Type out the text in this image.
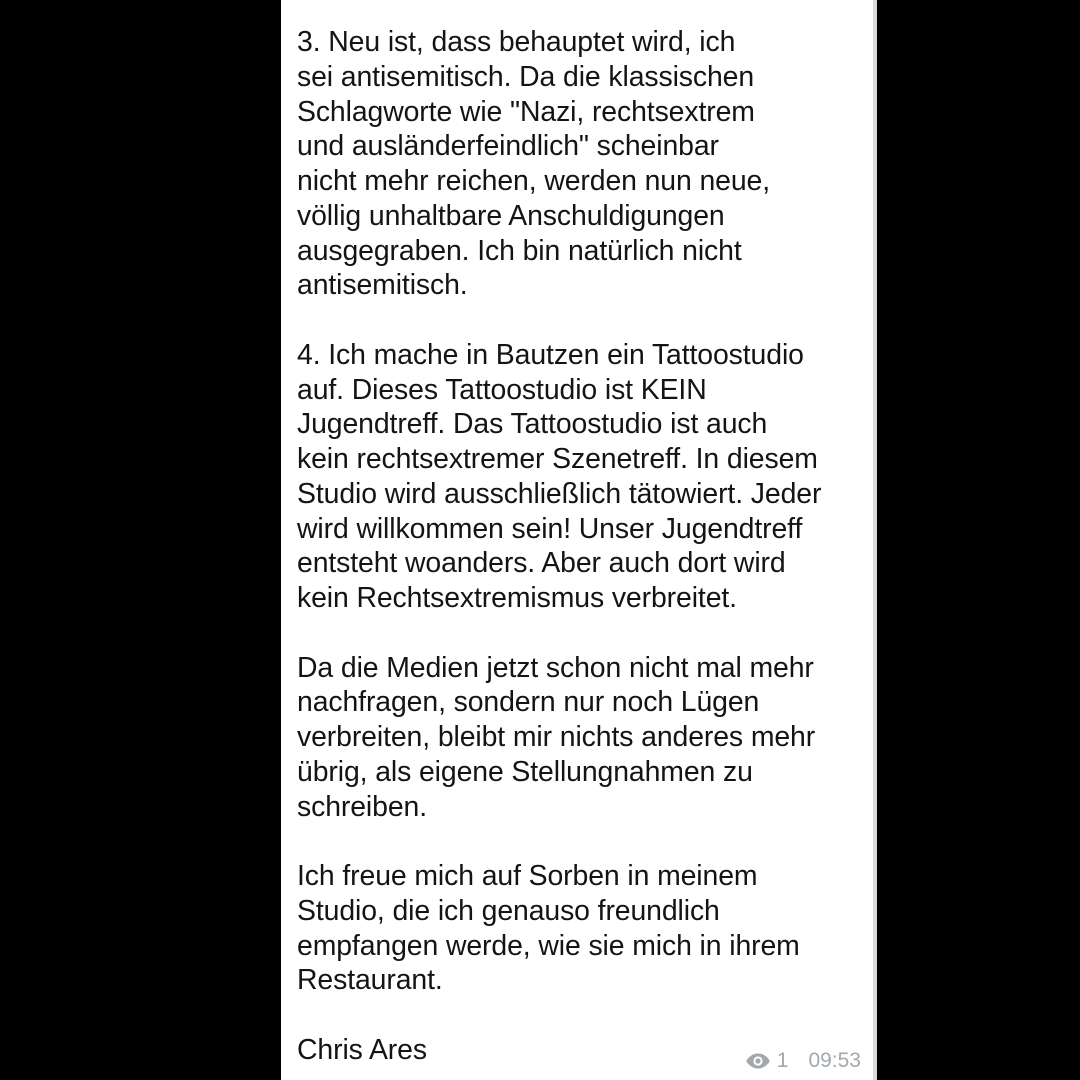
3. Neu ist, dass behauptet wird, ich
sei antisemitisch. Da die klassischen
Schlagworte wie "Nazi, rechtsextrem
und ausländerfeindlich" scheinbar
nicht mehr reichen, werden nun neue,
völlig unhaltbare Anschuldigungen
ausgegraben. Ich bin natürlich nicht
antisemitisch.

4. Ich mache in Bautzen ein Tattoostudio
auf. Dieses Tattoostudio ist KEIN
Jugendtreff. Das Tattoostudio ist auch
kein rechtsextremer Szenetreff. In diesem
Studio wird ausschließlich tätowiert. Jeder
wird willkommen sein! Unser Jugendtreff
entsteht woanders. Aber auch dort wird
kein Rechtsextremismus verbreitet.

Da die Medien jetzt schon nicht mal mehr
nachfragen, sondern nur noch Lügen
verbreiten, bleibt mir nichts anderes mehr
übrig, als eigene Stellungnahmen zu
schreiben.

Ich freue mich auf Sorben in meinem
Studio, die ich genauso freundlich
empfangen werde, wie sie mich in ihrem
Restaurant.

Chris Ares	1 09:53
